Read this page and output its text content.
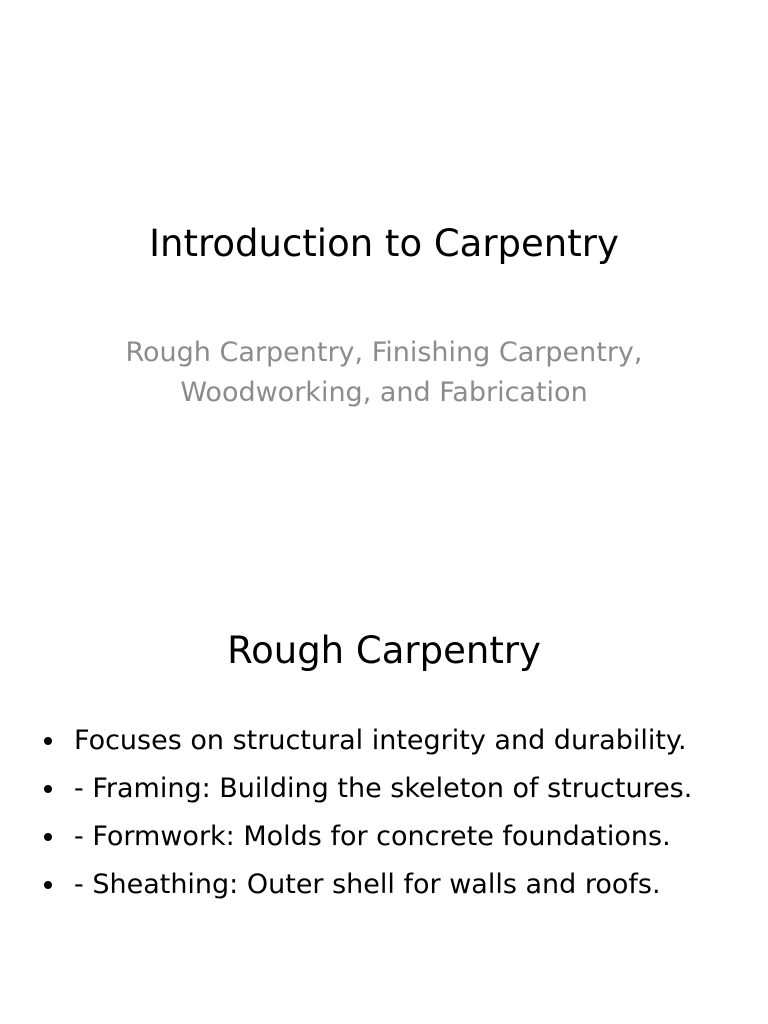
Introduction to Carpentry
Rough Carpentry, Finishing Carpentry,
Woodworking, and Fabrication
Rough Carpentry
Focuses on structural integrity and durability.
- Framing: Building the skeleton of structures.
- Formwork: Molds for concrete foundations.
- Sheathing: Outer shell for walls and roofs.
